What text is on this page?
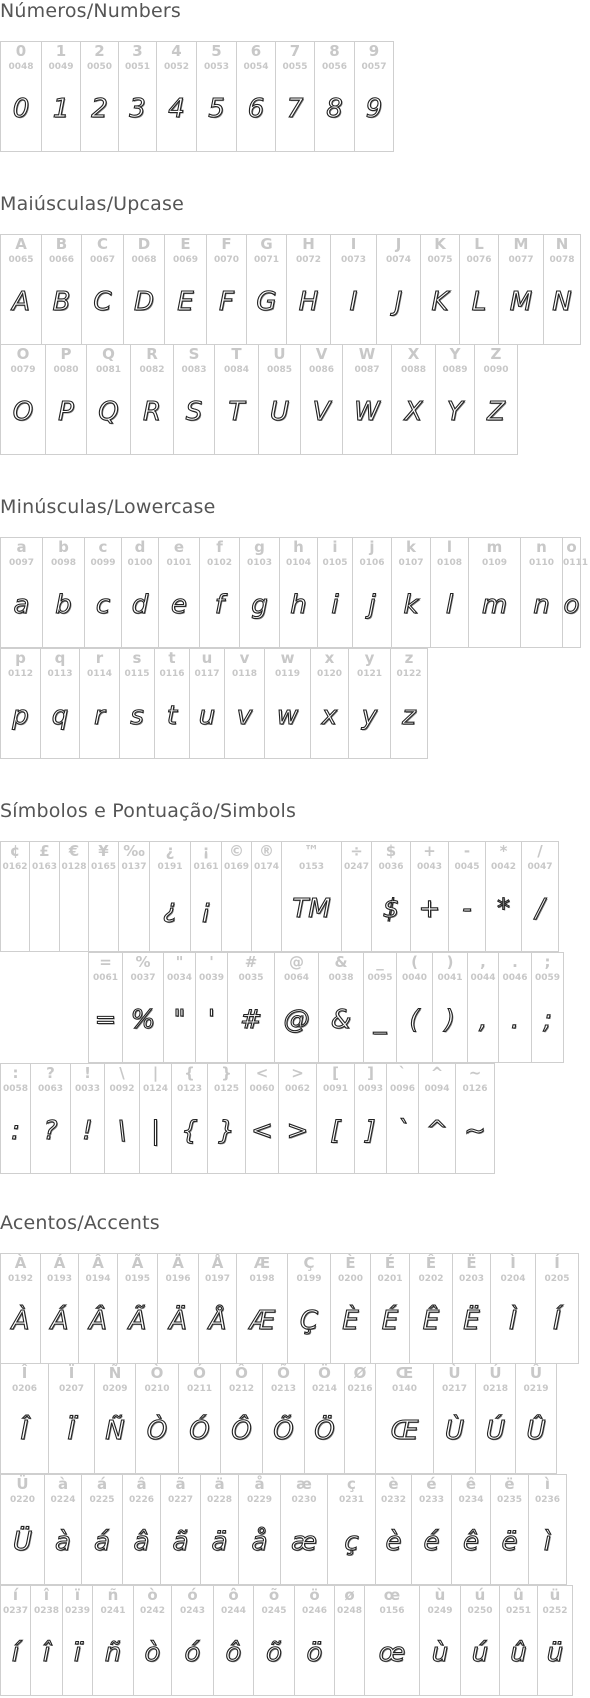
Números/Numbers
0
0048
0
1
0049
1
2
0050
2
3
0051
3
4
0052
4
5
0053
5
6
0054
6
7
0055
7
8
0056
8
9
0057
9
Maiúsculas/Upcase
A
0065
A
B
0066
B
C
0067
C
D
0068
D
E
0069
E
F
0070
F
G
0071
G
H
0072
H
I
0073
I
J
0074
J
K
0075
K
L
0076
L
M
0077
M
N
0078
N
O
0079
O
P
0080
P
Q
0081
Q
R
0082
R
S
0083
S
T
0084
T
U
0085
U
V
0086
V
W
0087
W
X
0088
X
Y
0089
Y
Z
0090
Z
Minúsculas/Lowercase
a
0097
a
b
0098
b
c
0099
c
d
0100
d
e
0101
e
f
0102
f
g
0103
g
h
0104
h
i
0105
i
j
0106
j
k
0107
k
l
0108
l
m
0109
m
n
0110
n
o
0111
o
p
0112
p
q
0113
q
r
0114
r
s
0115
s
t
0116
t
u
0117
u
v
0118
v
w
0119
w
x
0120
x
y
0121
y
z
0122
z
Símbolos e Pontuação/Simbols
¢
0162
£
0163
€
0128
¥
0165
‰
0137
¿
0191
¿
¡
0161
¡
©
0169
®
0174
™
0153
TM
÷
0247
$
0036
$
+
0043
+
-
0045
-
*
0042
*
/
0047
/
=
0061
=
%
0037
%
"
0034
"
'
0039
'
#
0035
#
@
0064
@
&
0038
&
_
0095
_
(
0040
(
)
0041
)
,
0044
,
.
0046
.
;
0059
;
:
0058
:
?
0063
?
!
0033
!
\
0092
\
|
0124
|
{
0123
{
}
0125
}
<
0060
<
>
0062
>
[
0091
[
]
0093
]
`
0096
`
^
0094
^
~
0126
~
Acentos/Accents
À
0192
À
Á
0193
Á
Â
0194
Â
Ã
0195
Ã
Ä
0196
Ä
Å
0197
Å
Æ
0198
Æ
Ç
0199
Ç
È
0200
È
É
0201
É
Ê
0202
Ê
Ë
0203
Ë
Ì
0204
Ì
Í
0205
Í
Î
0206
Î
Ï
0207
Ï
Ñ
0209
Ñ
Ò
0210
Ò
Ó
0211
Ó
Ô
0212
Ô
Õ
0213
Õ
Ö
0214
Ö
Ø
0216
Œ
0140
Œ
Ù
0217
Ù
Ú
0218
Ú
Û
0219
Û
Ü
0220
Ü
à
0224
à
á
0225
á
â
0226
â
ã
0227
ã
ä
0228
ä
å
0229
å
æ
0230
æ
ç
0231
ç
è
0232
è
é
0233
é
ê
0234
ê
ë
0235
ë
ì
0236
ì
í
0237
í
î
0238
î
ï
0239
ï
ñ
0241
ñ
ò
0242
ò
ó
0243
ó
ô
0244
ô
õ
0245
õ
ö
0246
ö
ø
0248
œ
0156
œ
ù
0249
ù
ú
0250
ú
û
0251
û
ü
0252
ü
